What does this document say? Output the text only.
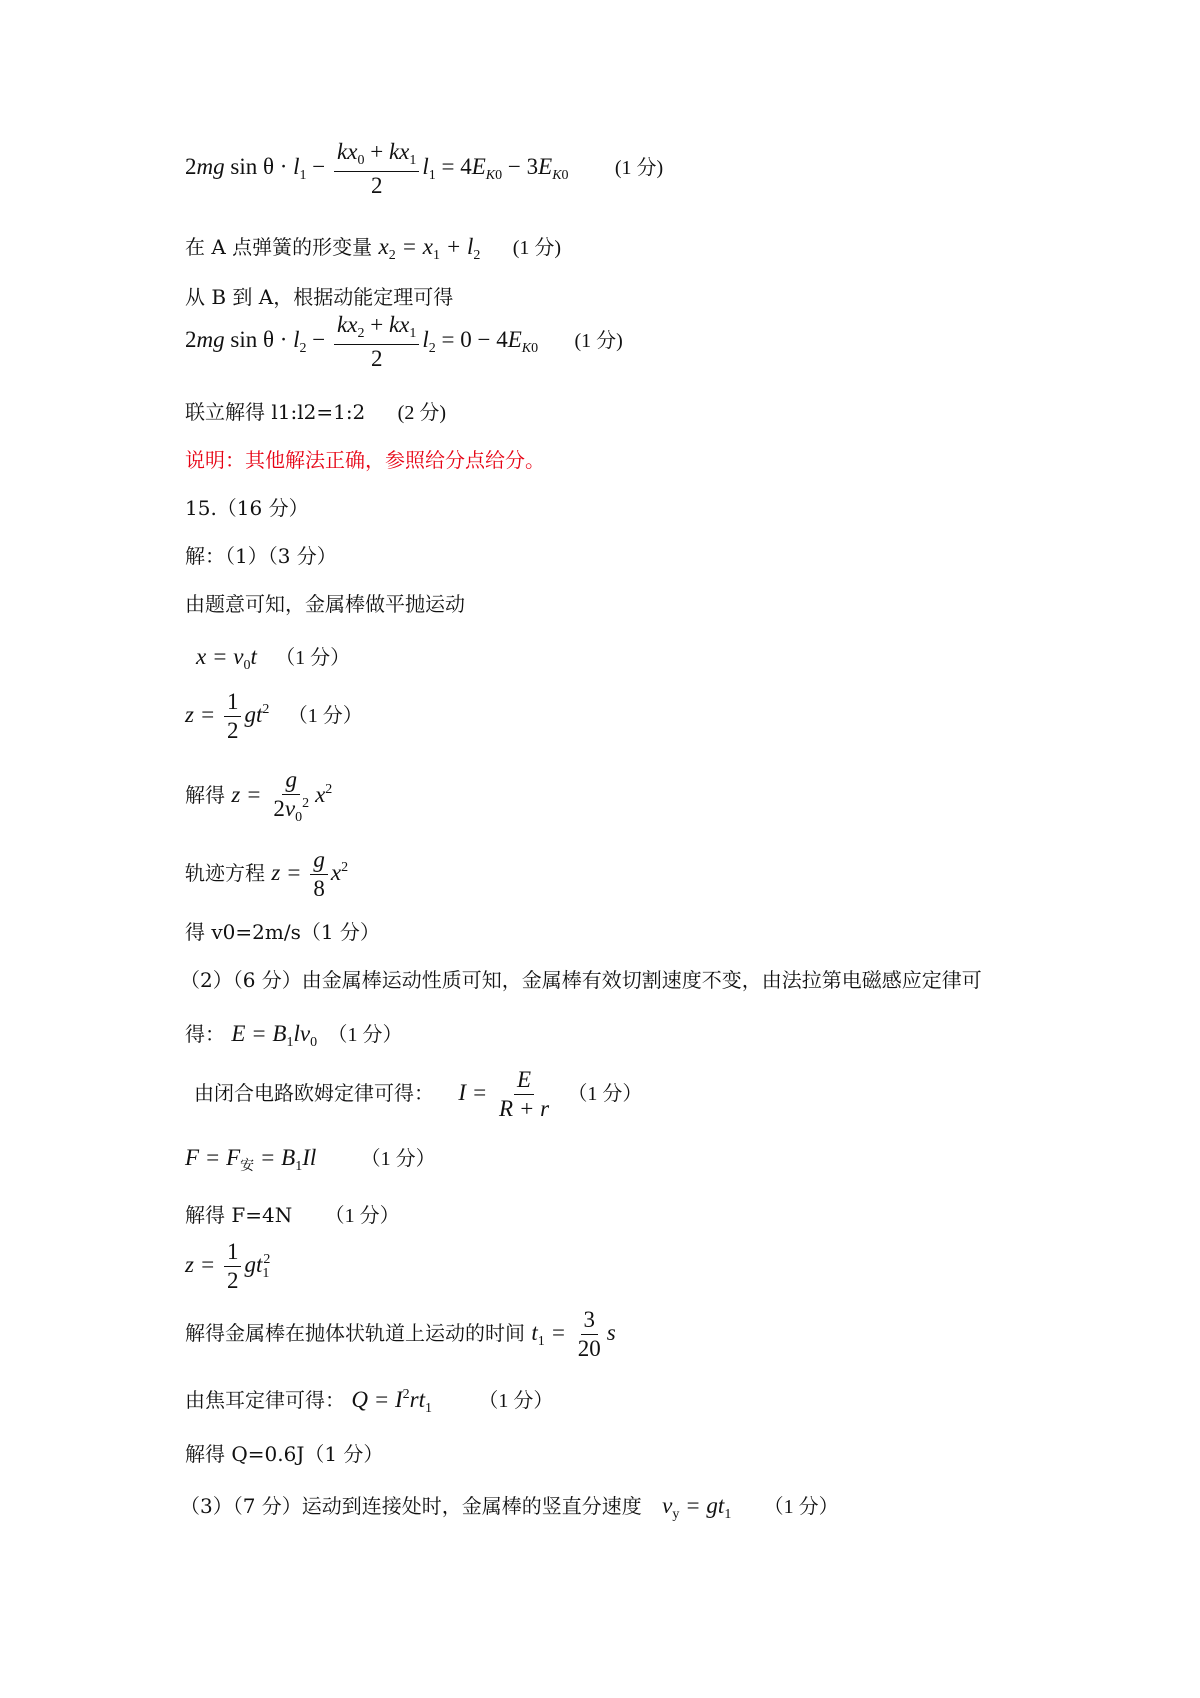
2mg $\sin \theta \cdot l_1 - \frac{kx_0 + kx_1}{2} l_1 = 4E_{K0} - 3E_{K0}$ (1 分)
在 A 点弹簧的形变量 $x_2 = x_1 + l_2$ (1 分)
从 B 到 A，根据动能定理可得
2mg $\sin \theta \cdot l_2 - \frac{kx_2 + kx_1}{2} l_2 = 0 - 4E_{K0}$ (1 分)
联立解得 l1:l2=1:2 (2 分)
说明：其他解法正确，参照给分点给分。
15.（16 分）
解：（1）（3 分）
由题意可知，金属棒做平抛运动
$x = v_0t$ （1 分）
$z = \frac{1}{2} gt^2$ （1 分）
解得 $z = \frac{g}{2v_0^2} x^2$
轨迹方程 $z = \frac{g}{8} x^2$
得 v0=2m/s（1 分）
（2）（6 分）由金属棒运动性质可知，金属棒有效切割速度不变，由法拉第电磁感应定律可
得： $E = B_1lv_0$ （1 分）
由闭合电路欧姆定律可得： $I = \frac{E}{R + r} (1$ 分）
$F = F_安 = B_1Il$ （1 分）
解得 F=4N （1 分）
$z = \frac{1}{2} gt_1^2$
解得金属棒在抛体状轨道上运动的时间 $t_1 = \frac{3}{20}$ s
由焦耳定律可得： $Q = I^2rt_1$ （1 分）
解得 Q=0.6J（1 分）
（3）（7 分）运动到连接处时，金属棒的竖直分速度 $v_y = gt_1$ （1 分）
